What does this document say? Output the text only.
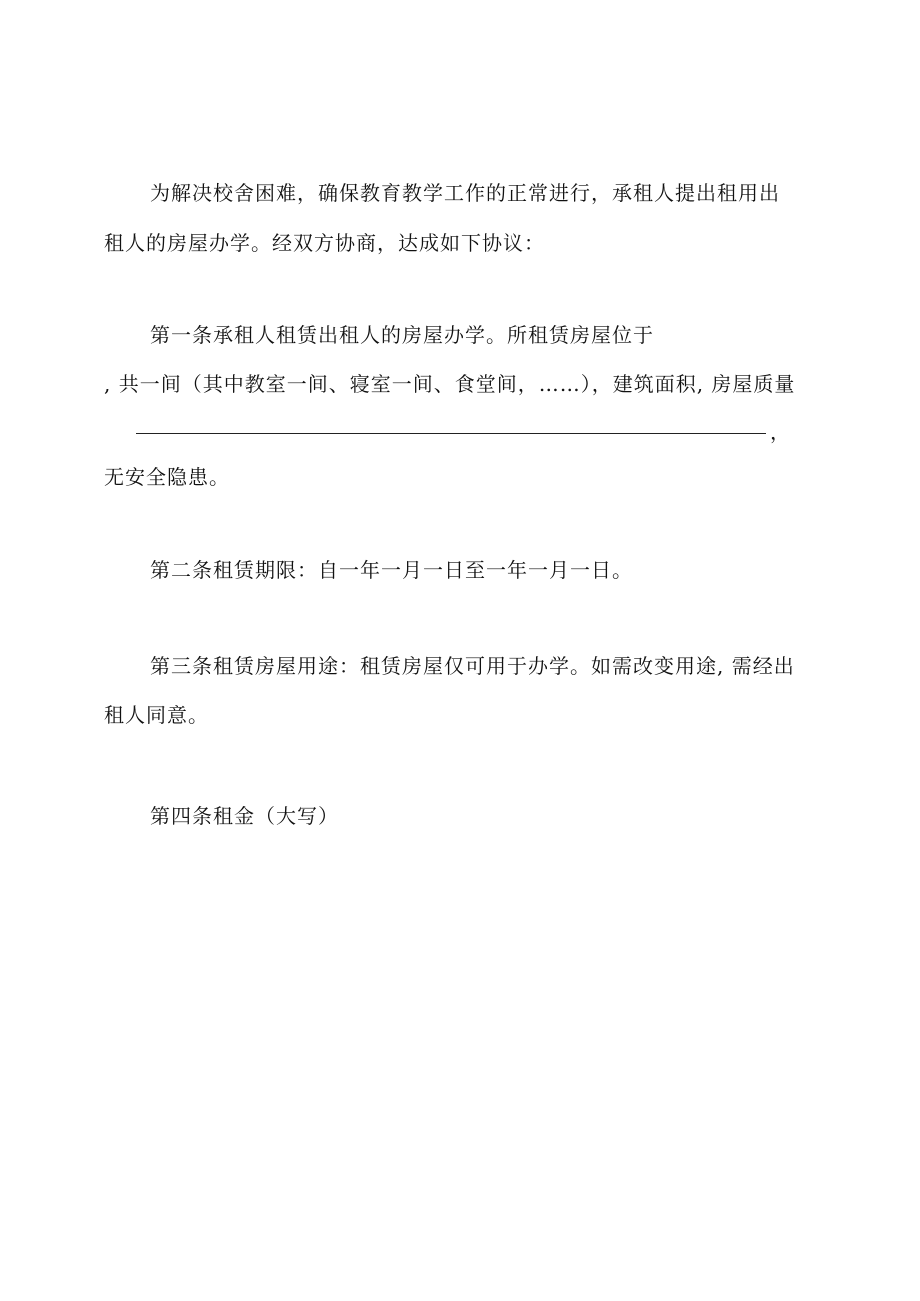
为解决校舍困难，确保教育教学工作的正常进行，承租人提出租用出
租人的房屋办学。经双方协商，达成如下协议：
第一条承租人租赁出租人的房屋办学。所租赁房屋位于
, 共一间（其中教室一间、寝室一间、食堂间，……），建筑面积, 房屋质量
，
无安全隐患。
第二条租赁期限：自一年一月一日至一年一月一日。
第三条租赁房屋用途：租赁房屋仅可用于办学。如需改变用途, 需经出
租人同意。
第四条租金（大写）
